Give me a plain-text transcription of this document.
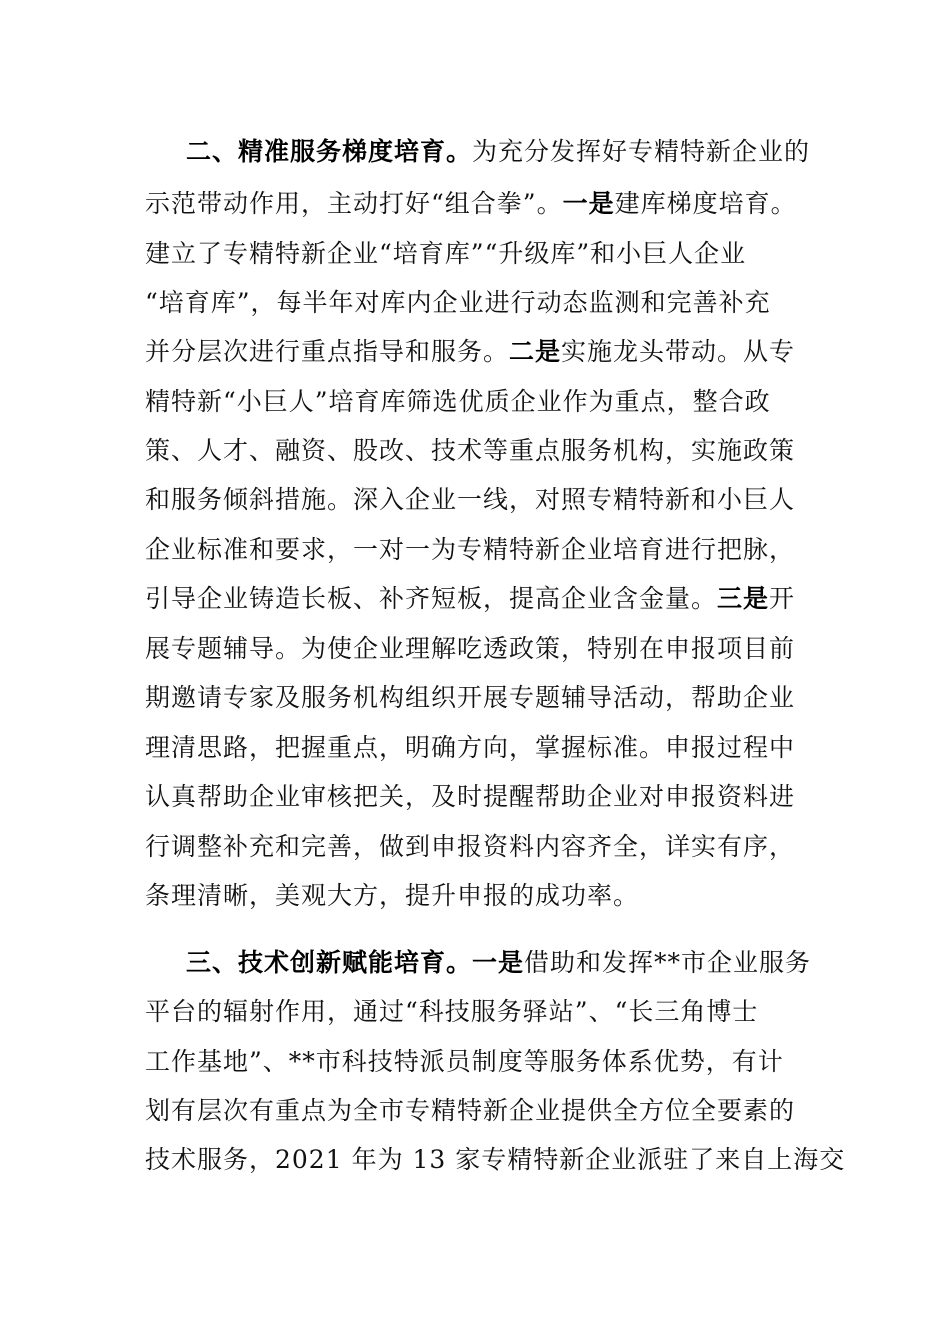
二、精准服务梯度培育。为充分发挥好专精特新企业的
示范带动作用，主动打好“组合拳”。一是建库梯度培育。
建立了专精特新企业“培育库”“升级库”和小巨人企业
“培育库”，每半年对库内企业进行动态监测和完善补充
并分层次进行重点指导和服务。二是实施龙头带动。从专
精特新“小巨人”培育库筛选优质企业作为重点，整合政
策、人才、融资、股改、技术等重点服务机构，实施政策
和服务倾斜措施。深入企业一线，对照专精特新和小巨人
企业标准和要求，一对一为专精特新企业培育进行把脉，
引导企业铸造长板、补齐短板，提高企业含金量。三是开
展专题辅导。为使企业理解吃透政策，特别在申报项目前
期邀请专家及服务机构组织开展专题辅导活动，帮助企业
理清思路，把握重点，明确方向，掌握标准。申报过程中
认真帮助企业审核把关，及时提醒帮助企业对申报资料进
行调整补充和完善，做到申报资料内容齐全，详实有序，
条理清晰，美观大方，提升申报的成功率。
三、技术创新赋能培育。一是借助和发挥**市企业服务
平台的辐射作用，通过“科技服务驿站”、“长三角博士
工作基地”、**市科技特派员制度等服务体系优势，有计
划有层次有重点为全市专精特新企业提供全方位全要素的
技术服务，2021 年为 13 家专精特新企业派驻了来自上海交
